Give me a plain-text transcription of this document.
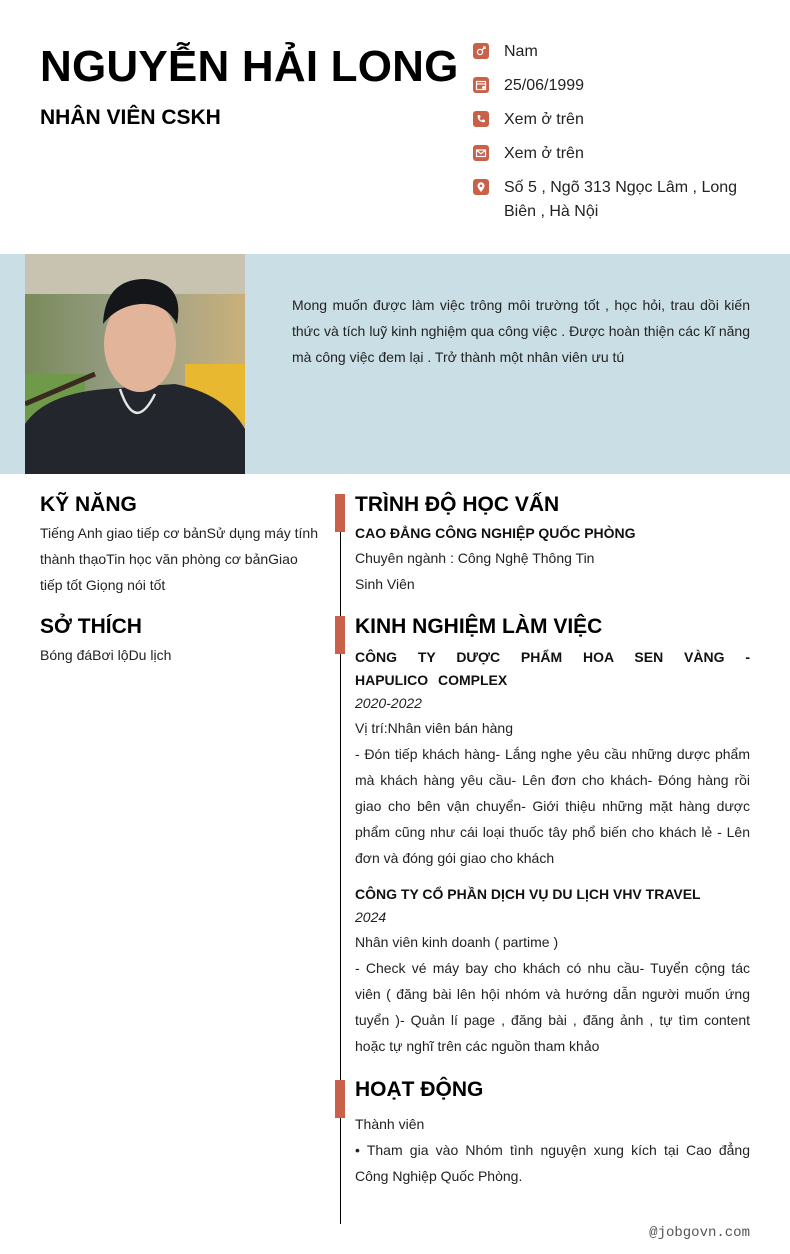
NGUYỄN HẢI LONG
NHÂN VIÊN CSKH
Nam
25/06/1999
Xem ở trên
Xem ở trên
Số 5 , Ngõ 313 Ngọc Lâm , Long Biên , Hà Nội
Mong muốn được làm việc trông môi trường tốt , học hỏi, trau dồi kiến thức và tích luỹ kinh nghiệm qua công việc . Được hoàn thiện các kĩ năng mà công việc đem lại . Trở thành một nhân viên ưu tú
KỸ NĂNG
Tiếng Anh giao tiếp cơ bảnSử dụng máy tính thành thạoTin học văn phòng cơ bảnGiao tiếp tốt Giọng nói tốt
SỞ THÍCH
Bóng đáBơi lộDu lịch
TRÌNH ĐỘ HỌC VẤN
CAO ĐẲNG CÔNG NGHIỆP QUỐC PHÒNG
Chuyên ngành : Công Nghệ Thông Tin
Sinh Viên
KINH NGHIỆM LÀM VIỆC
CÔNG TY DƯỢC PHẨM HOA SEN VÀNG - HAPULICO COMPLEX
2020-2022
Vị trí:Nhân viên bán hàng
- Đón tiếp khách hàng- Lắng nghe yêu cầu những dược phẩm mà khách hàng yêu cầu- Lên đơn cho khách- Đóng hàng rồi giao cho bên vận chuyển- Giới thiệu những mặt hàng dược phẩm cũng như cái loại thuốc tây phổ biến cho khách lẻ - Lên đơn và đóng gói giao cho khách
CÔNG TY CỔ PHẦN DỊCH VỤ DU LỊCH VHV TRAVEL
2024
Nhân viên kinh doanh ( partime )
- Check vé máy bay cho khách có nhu cầu- Tuyển cộng tác viên ( đăng bài lên hội nhóm và hướng dẫn người muốn ứng tuyển )- Quản lí page , đăng bài , đăng ảnh , tự tìm content hoặc tự nghĩ trên các nguồn tham khảo
HOẠT ĐỘNG
Thành viên
• Tham gia vào Nhóm tình nguyện xung kích tại Cao đẳng Công Nghiệp Quốc Phòng.
@jobgovn.com
